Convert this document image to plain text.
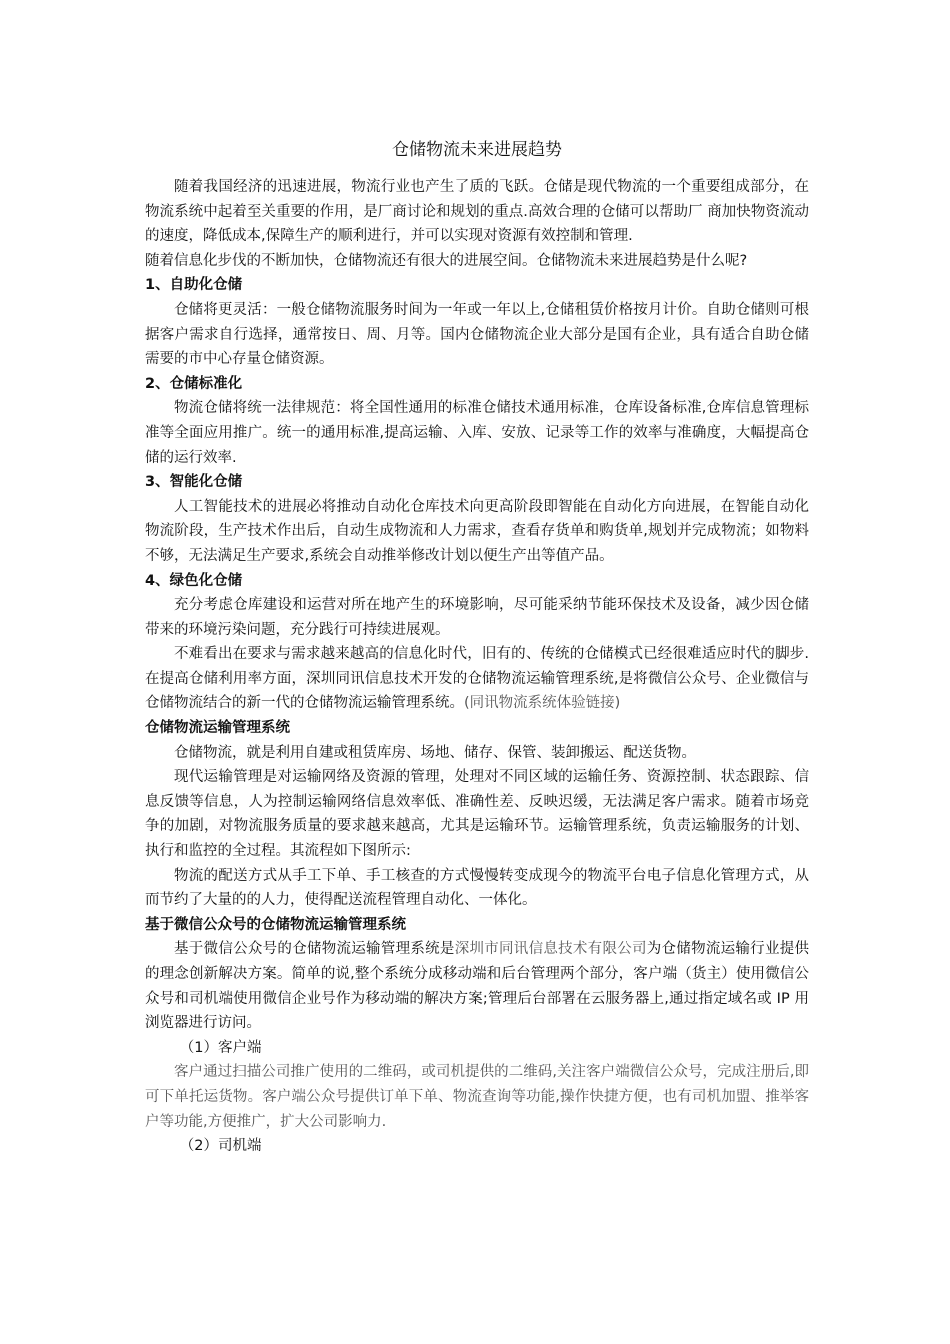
仓储物流未来进展趋势

随着我国经济的迅速进展，物流行业也产生了质的飞跃。仓储是现代物流的一个重要组成部分，在物流系统中起着至关重要的作用，是厂商讨论和规划的重点.高效合理的仓储可以帮助厂 商加快物资流动的速度，降低成本,保障生产的顺利进行，并可以实现对资源有效控制和管理.

随着信息化步伐的不断加快，仓储物流还有很大的进展空间。仓储物流未来进展趋势是什么呢?

1、自助化仓储

仓储将更灵活：一般仓储物流服务时间为一年或一年以上,仓储租赁价格按月计价。自助仓储则可根据客户需求自行选择，通常按日、周、月等。国内仓储物流企业大部分是国有企业，具有适合自助仓储需要的市中心存量仓储资源。

2、仓储标准化

物流仓储将统一法律规范：将全国性通用的标准仓储技术通用标准，仓库设备标准,仓库信息管理标准等全面应用推广。统一的通用标准,提高运输、入库、安放、记录等工作的效率与准确度，大幅提高仓储的运行效率.

3、智能化仓储

人工智能技术的进展必将推动自动化仓库技术向更高阶段即智能在自动化方向进展，在智能自动化物流阶段，生产技术作出后，自动生成物流和人力需求，查看存货单和购货单,规划并完成物流；如物料不够，无法满足生产要求,系统会自动推举修改计划以便生产出等值产品。

4、绿色化仓储

充分考虑仓库建设和运营对所在地产生的环境影响，尽可能采纳节能环保技术及设备，减少因仓储带来的环境污染问题，充分践行可持续进展观。

不难看出在要求与需求越来越高的信息化时代，旧有的、传统的仓储模式已经很难适应时代的脚步.在提高仓储利用率方面，深圳同讯信息技术开发的仓储物流运输管理系统,是将微信公众号、企业微信与仓储物流结合的新一代的仓储物流运输管理系统。(同讯物流系统体验链接)

仓储物流运输管理系统

仓储物流，就是利用自建或租赁库房、场地、储存、保管、装卸搬运、配送货物。

现代运输管理是对运输网络及资源的管理，处理对不同区域的运输任务、资源控制、状态跟踪、信息反馈等信息，人为控制运输网络信息效率低、准确性差、反映迟缓，无法满足客户需求。随着市场竞争的加剧，对物流服务质量的要求越来越高，尤其是运输环节。运输管理系统，负责运输服务的计划、执行和监控的全过程。其流程如下图所示:

物流的配送方式从手工下单、手工核查的方式慢慢转变成现今的物流平台电子信息化管理方式，从而节约了大量的的人力，使得配送流程管理自动化、一体化。

基于微信公众号的仓储物流运输管理系统

基于微信公众号的仓储物流运输管理系统是深圳市同讯信息技术有限公司为仓储物流运输行业提供的理念创新解决方案。简单的说,整个系统分成移动端和后台管理两个部分，客户端（货主）使用微信公众号和司机端使用微信企业号作为移动端的解决方案;管理后台部署在云服务器上,通过指定域名或 IP 用浏览器进行访问。

（1）客户端

客户通过扫描公司推广使用的二维码，或司机提供的二维码,关注客户端微信公众号，完成注册后,即可下单托运货物。客户端公众号提供订单下单、物流查询等功能,操作快捷方便，也有司机加盟、推举客户等功能,方便推广，扩大公司影响力.

（2）司机端
